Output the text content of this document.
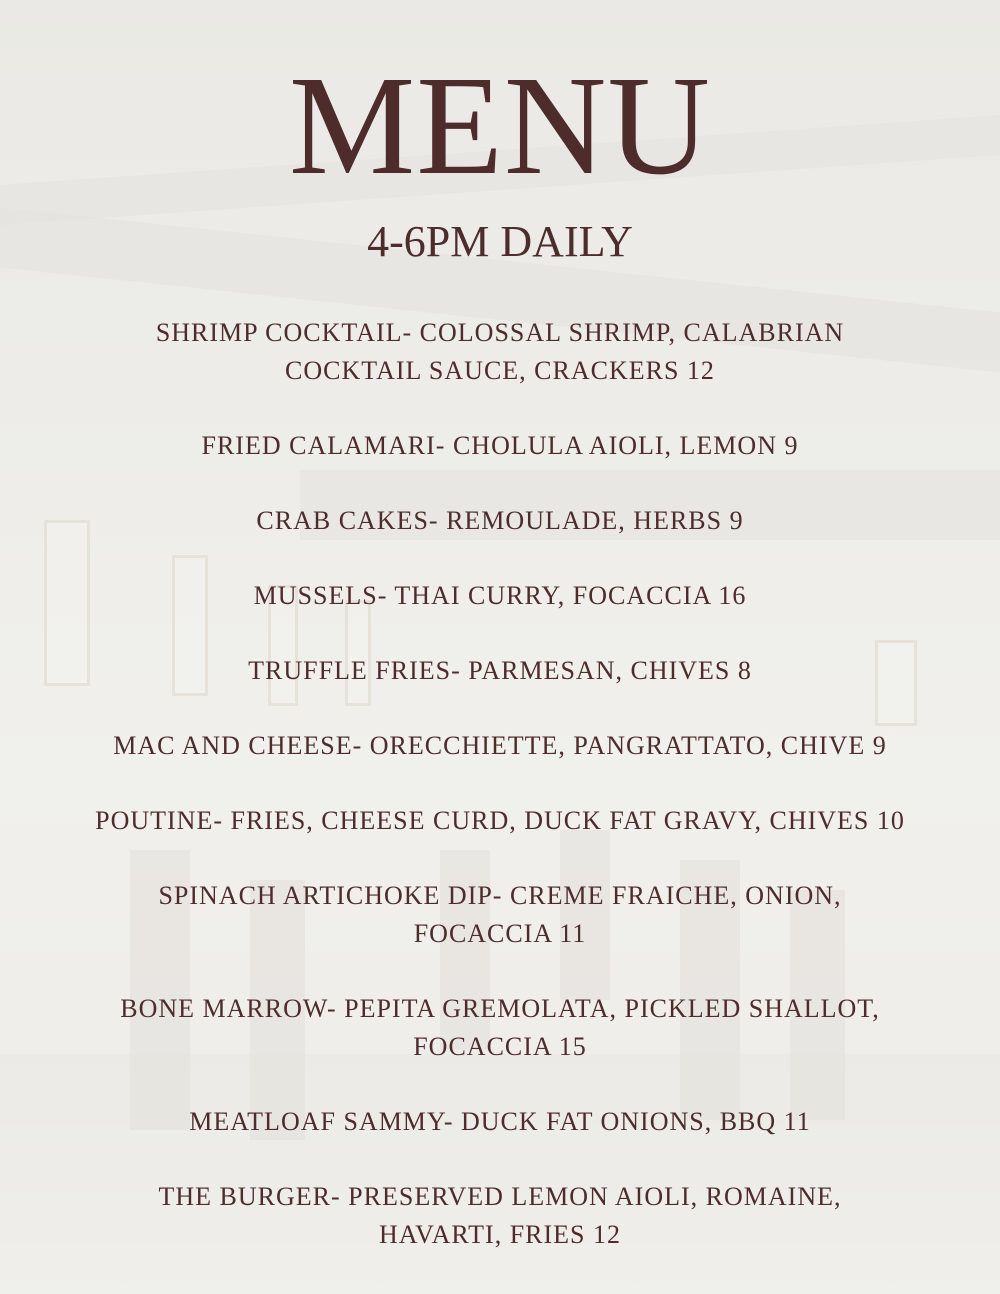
MENU
4-6PM DAILY
SHRIMP COCKTAIL- COLOSSAL SHRIMP, CALABRIAN
COCKTAIL SAUCE, CRACKERS 12
FRIED CALAMARI- CHOLULA AIOLI, LEMON 9
CRAB CAKES- REMOULADE, HERBS 9
MUSSELS- THAI CURRY, FOCACCIA 16
TRUFFLE FRIES- PARMESAN, CHIVES 8
MAC AND CHEESE- ORECCHIETTE, PANGRATTATO, CHIVE 9
POUTINE- FRIES, CHEESE CURD, DUCK FAT GRAVY, CHIVES 10
SPINACH ARTICHOKE DIP- CREME FRAICHE, ONION,
FOCACCIA 11
BONE MARROW- PEPITA GREMOLATA, PICKLED SHALLOT,
FOCACCIA 15
MEATLOAF SAMMY- DUCK FAT ONIONS, BBQ 11
THE BURGER- PRESERVED LEMON AIOLI, ROMAINE,
HAVARTI, FRIES 12
